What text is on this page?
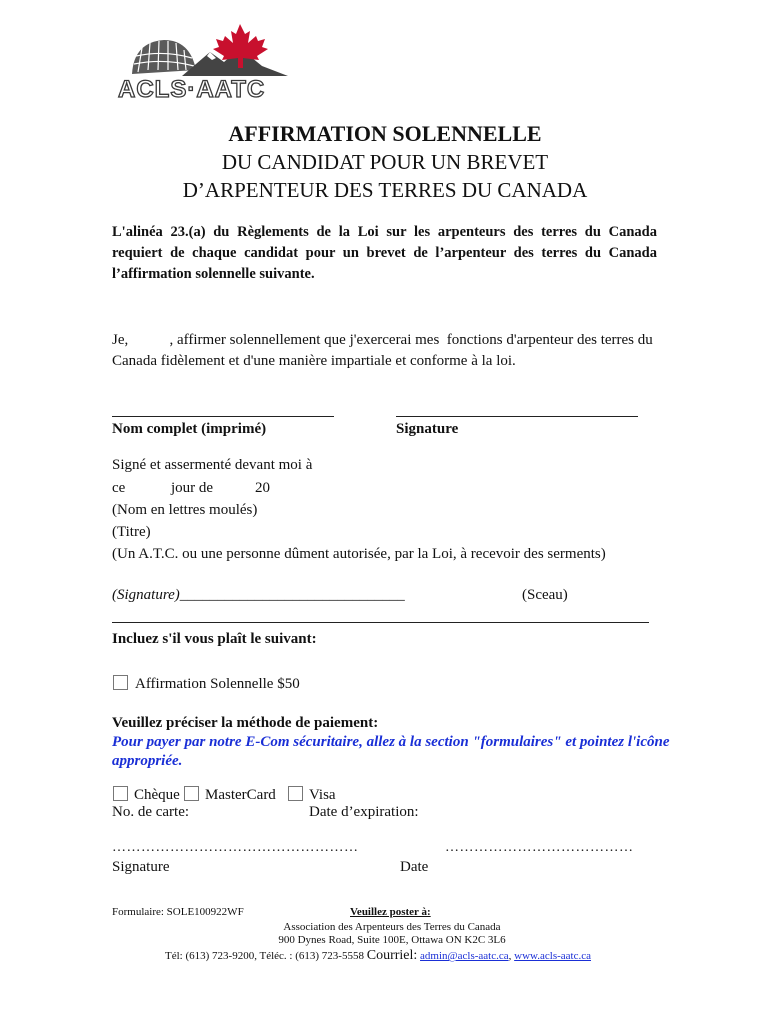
ACLS·AATC
AFFIRMATION SOLENNELLE
DU CANDIDAT POUR UN BREVET
D’ARPENTEUR DES TERRES DU CANADA
L'alinéa 23.(a) du Règlements de la Loi sur les arpenteurs des terres du Canada requiert de chaque candidat pour un brevet de l’arpenteur des terres du Canada l’affirmation solennelle suivante.
Je,           , affirmer solennellement que j'exercerai mes  fonctions d'arpenteur des terres du Canada fidèlement et d'une manière impartiale et conforme à la loi.
Nom complet (imprimé)	Signature
Signé et assermenté devant moi à
ce	jour de	20
(Nom en lettres moulés)
(Titre)
(Un A.T.C. ou une personne dûment autorisée, par la Loi, à recevoir des serments)
(Signature)______________________________	(Sceau)
Incluez s'il vous plaît le suivant:
Affirmation Solennelle $50
Veuillez préciser la méthode de paiement:
Pour payer par notre E-Com sécuritaire, allez à la section "formulaires" et pointez l'icône appropriée.
Chèque MasterCard Visa
No. de carte:	Date d’expiration:
……………………………………………	…………………………………
Signature	Date
Formulaire: SOLE100922WF	Veuillez poster à:
Association des Arpenteurs des Terres du Canada
900 Dynes Road, Suite 100E, Ottawa ON K2C 3L6
Tél: (613) 723-9200, Téléc. : (613) 723-5558 Courriel: admin@acls-aatc.ca, www.acls-aatc.ca
